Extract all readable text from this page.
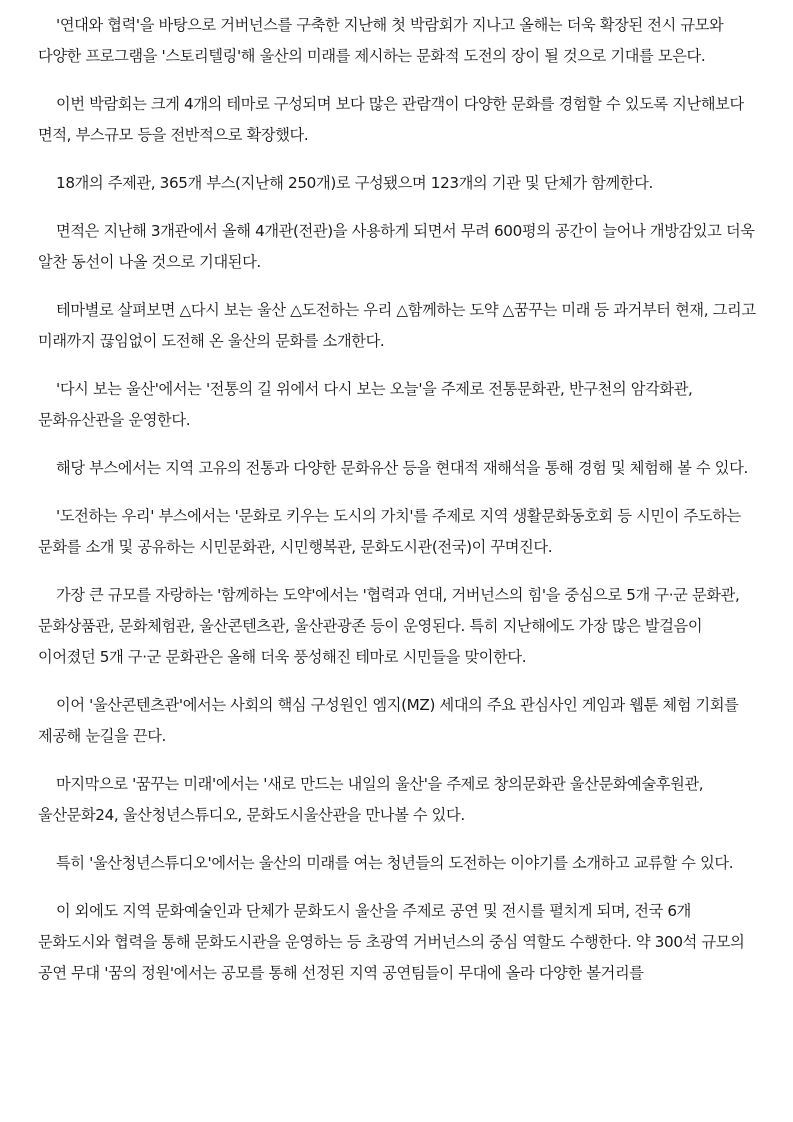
'연대와 협력'을 바탕으로 거버넌스를 구축한 지난해 첫 박람회가 지나고 올해는 더욱 확장된 전시 규모와 다양한 프로그램을 '스토리텔링'해 울산의 미래를 제시하는 문화적 도전의 장이 될 것으로 기대를 모은다.

이번 박람회는 크게 4개의 테마로 구성되며 보다 많은 관람객이 다양한 문화를 경험할 수 있도록 지난해보다 면적, 부스규모 등을 전반적으로 확장했다.

18개의 주제관, 365개 부스(지난해 250개)로 구성됐으며 123개의 기관 및 단체가 함께한다.

면적은 지난해 3개관에서 올해 4개관(전관)을 사용하게 되면서 무려 600평의 공간이 늘어나 개방감있고 더욱 알찬 동선이 나올 것으로 기대된다.

테마별로 살펴보면 △다시 보는 울산 △도전하는 우리 △함께하는 도약 △꿈꾸는 미래 등 과거부터 현재, 그리고 미래까지 끊임없이 도전해 온 울산의 문화를 소개한다.

'다시 보는 울산'에서는 '전통의 길 위에서 다시 보는 오늘'을 주제로 전통문화관, 반구천의 암각화관, 문화유산관을 운영한다.

해당 부스에서는 지역 고유의 전통과 다양한 문화유산 등을 현대적 재해석을 통해 경험 및 체험해 볼 수 있다.

'도전하는 우리' 부스에서는 '문화로 키우는 도시의 가치'를 주제로 지역 생활문화동호회 등 시민이 주도하는 문화를 소개 및 공유하는 시민문화관, 시민행복관, 문화도시관(전국)이 꾸며진다.

가장 큰 규모를 자랑하는 '함께하는 도약'에서는 '협력과 연대, 거버넌스의 힘'을 중심으로 5개 구·군 문화관, 문화상품관, 문화체험관, 울산콘텐츠관, 울산관광존 등이 운영된다. 특히 지난해에도 가장 많은 발걸음이 이어졌던 5개 구·군 문화관은 올해 더욱 풍성해진 테마로 시민들을 맞이한다.

이어 '울산콘텐츠관'에서는 사회의 핵심 구성원인 엠지(MZ) 세대의 주요 관심사인 게임과 웹툰 체험 기회를 제공해 눈길을 끈다.

마지막으로 '꿈꾸는 미래'에서는 '새로 만드는 내일의 울산'을 주제로 창의문화관 울산문화예술후원관, 울산문화24, 울산청년스튜디오, 문화도시울산관을 만나볼 수 있다.

특히 '울산청년스튜디오'에서는 울산의 미래를 여는 청년들의 도전하는 이야기를 소개하고 교류할 수 있다.

이 외에도 지역 문화예술인과 단체가 문화도시 울산을 주제로 공연 및 전시를 펼치게 되며, 전국 6개 문화도시와 협력을 통해 문화도시관을 운영하는 등 초광역 거버넌스의 중심 역할도 수행한다. 약 300석 규모의 공연 무대 '꿈의 정원'에서는 공모를 통해 선정된 지역 공연팀들이 무대에 올라 다양한 볼거리를
